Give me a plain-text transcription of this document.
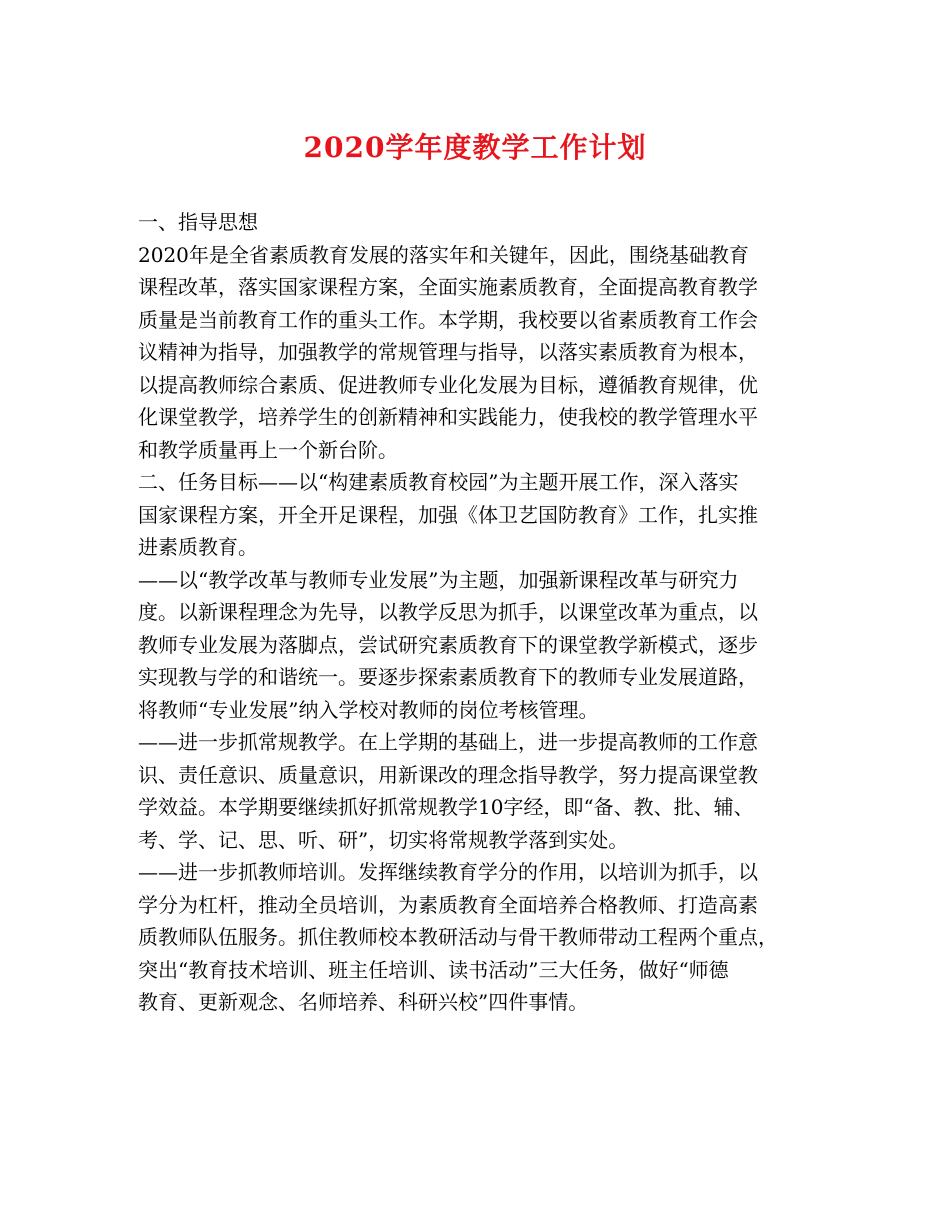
2020学年度教学工作计划
一、指导思想
2020年是全省素质教育发展的落实年和关键年，因此，围绕基础教育
课程改革，落实国家课程方案，全面实施素质教育，全面提高教育教学
质量是当前教育工作的重头工作。本学期，我校要以省素质教育工作会
议精神为指导，加强教学的常规管理与指导，以落实素质教育为根本，
以提高教师综合素质、促进教师专业化发展为目标，遵循教育规律，优
化课堂教学，培养学生的创新精神和实践能力，使我校的教学管理水平
和教学质量再上一个新台阶。
二、任务目标——以“构建素质教育校园”为主题开展工作，深入落实
国家课程方案，开全开足课程，加强《体卫艺国防教育》工作，扎实推
进素质教育。
——以“教学改革与教师专业发展”为主题，加强新课程改革与研究力
度。以新课程理念为先导，以教学反思为抓手，以课堂改革为重点，以
教师专业发展为落脚点，尝试研究素质教育下的课堂教学新模式，逐步
实现教与学的和谐统一。要逐步探索素质教育下的教师专业发展道路，
将教师“专业发展”纳入学校对教师的岗位考核管理。
——进一步抓常规教学。在上学期的基础上，进一步提高教师的工作意
识、责任意识、质量意识，用新课改的理念指导教学，努力提高课堂教
学效益。本学期要继续抓好抓常规教学10字经，即“备、教、批、辅、
考、学、记、思、听、研”，切实将常规教学落到实处。
——进一步抓教师培训。发挥继续教育学分的作用，以培训为抓手，以
学分为杠杆，推动全员培训，为素质教育全面培养合格教师、打造高素
质教师队伍服务。抓住教师校本教研活动与骨干教师带动工程两个重点，
突出“教育技术培训、班主任培训、读书活动”三大任务，做好“师德
教育、更新观念、名师培养、科研兴校”四件事情。
